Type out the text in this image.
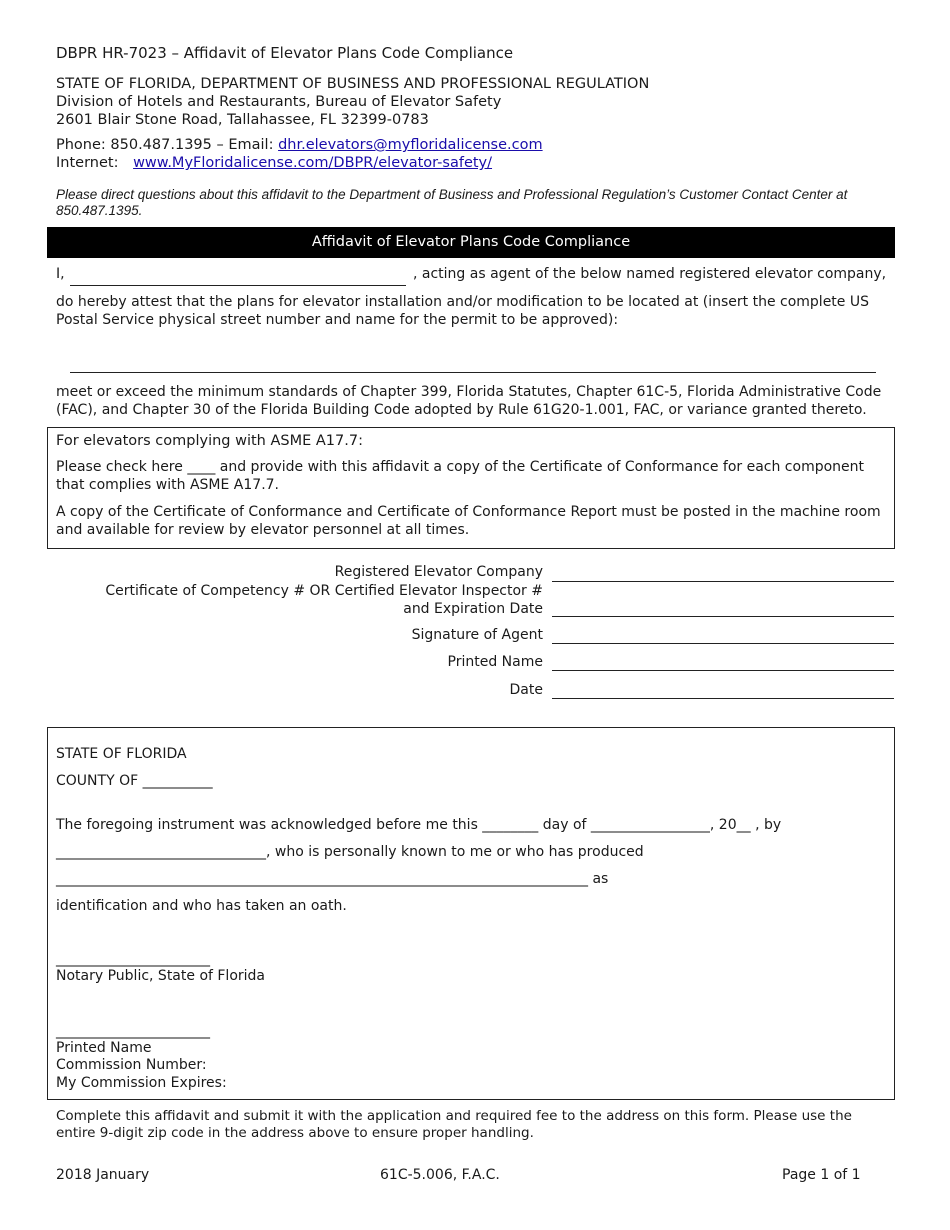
DBPR HR-7023 – Affidavit of Elevator Plans Code Compliance
STATE OF FLORIDA, DEPARTMENT OF BUSINESS AND PROFESSIONAL REGULATION
Division of Hotels and Restaurants, Bureau of Elevator Safety
2601 Blair Stone Road, Tallahassee, FL 32399-0783
Phone: 850.487.1395 – Email: dhr.elevators@myfloridalicense.com
Internet: www.MyFloridalicense.com/DBPR/elevator-safety/
Please direct questions about this affidavit to the Department of Business and Professional Regulation’s Customer Contact Center at 850.487.1395.
Affidavit of Elevator Plans Code Compliance
I,	, acting as agent of the below named registered elevator company,
do hereby attest that the plans for elevator installation and/or modification to be located at (insert the complete US Postal Service physical street number and name for the permit to be approved):
meet or exceed the minimum standards of Chapter 399, Florida Statutes, Chapter 61C-5, Florida Administrative Code (FAC), and Chapter 30 of the Florida Building Code adopted by Rule 61G20-1.001, FAC, or variance granted thereto.
For elevators complying with ASME A17.7:
Please check here ____ and provide with this affidavit a copy of the Certificate of Conformance for each component that complies with ASME A17.7.
A copy of the Certificate of Conformance and Certificate of Conformance Report must be posted in the machine room and available for review by elevator personnel at all times.
Registered Elevator Company
Certificate of Competency # OR Certified Elevator Inspector #
and Expiration Date
Signature of Agent
Printed Name
Date
STATE OF FLORIDA
COUNTY OF __________
The foregoing instrument was acknowledged before me this ________ day of _________________, 20__ , by
______________________________, who is personally known to me or who has produced
____________________________________________________________________________ as
identification and who has taken an oath.
______________________
Notary Public, State of Florida
______________________
Printed Name
Commission Number:
My Commission Expires:
Complete this affidavit and submit it with the application and required fee to the address on this form. Please use the entire 9-digit zip code in the address above to ensure proper handling.
2018 January	61C-5.006, F.A.C.	Page 1 of 1
